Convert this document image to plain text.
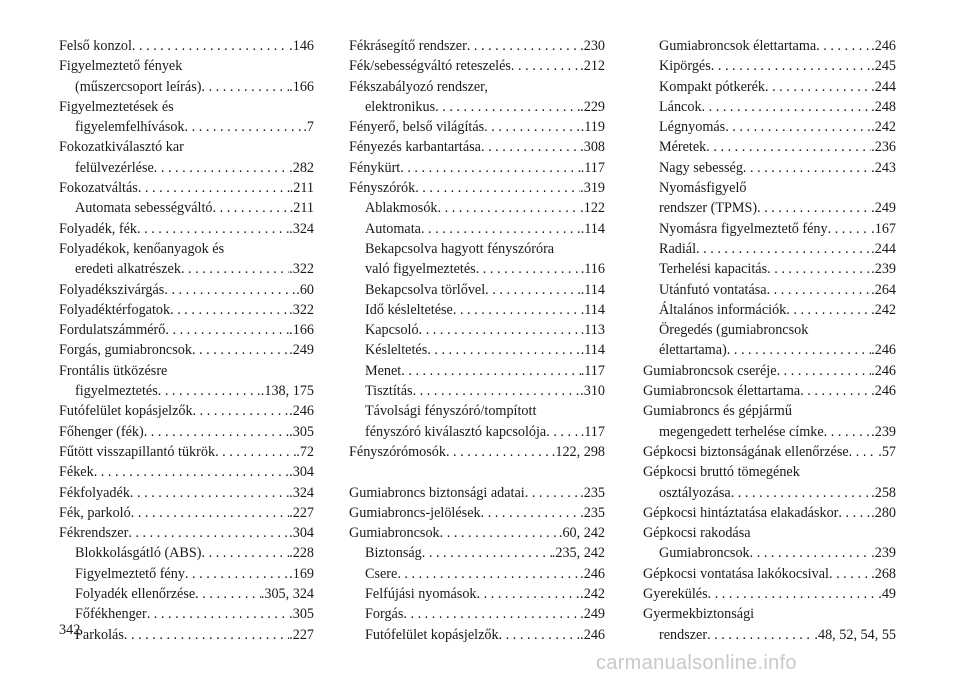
Felső konzol . . .	.146
Figyelmeztető fények
(műszercsoport leírás) . . .	.166
Figyelmeztetések és
figyelemfelhívások . . .	.7
Fokozatkiválasztó kar
felülvezérlése . . .	.282
Fokozatváltás . . .	.211
Automata sebességváltó . . .	.211
Folyadék, fék . . .	.324
Folyadékok, kenőanyagok és
eredeti alkatrészek . . .	.322
Folyadékszivárgás . . .	.60
Folyadéktérfogatok . . .	.322
Fordulatszámmérő . . .	.166
Forgás, gumiabroncsok . . .	.249
Frontális ütközésre
figyelmeztetés . . .	.138, 175
Futófelület kopásjelzők . . .	.246
Főhenger (fék) . . .	.305
Fűtött visszapillantó tükrök . . .	.72
Fékek . . .	.304
Fékfolyadék . . .	.324
Fék, parkoló . . .	.227
Fékrendszer . . .	.304
Blokkolásgátló (ABS) . . .	.228
Figyelmeztető fény . . .	.169
Folyadék ellenőrzése . . .	.305, 324
Főfékhenger . . .	.305
Parkolás . . .	.227
Fékrásegítő rendszer . . .	.230
Fék/sebességváltó reteszelés . . .	.212
Fékszabályozó rendszer,
elektronikus . . .	.229
Fényerő, belső világítás . . .	.119
Fényezés karbantartása . . .	.308
Fénykürt . . .	.117
Fényszórók . . .	.319
Ablakmosók . . .	.122
Automata . . .	.114
Bekapcsolva hagyott fényszóróra
való figyelmeztetés . . .	.116
Bekapcsolva törlővel . . .	.114
Idő késleltetése . . .	.114
Kapcsoló . . .	.113
Késleltetés . . .	.114
Menet . . .	.117
Tisztítás . . .	.310
Távolsági fényszóró/tompított
fényszóró kiválasztó kapcsolója . . . .117
Fényszórómosók . . .	.122, 298
Gumiabroncs biztonsági adatai . . .	.235
Gumiabroncs-jelölések . . .	.235
Gumiabroncsok . . .	.60, 242
Biztonság . . .	.235, 242
Csere . . .	.246
Felfújási nyomások . . .	.242
Forgás . . .	.249
Futófelület kopásjelzők . . .	.246
Gumiabroncsok élettartama . . .	.246
Kipörgés . . .	.245
Kompakt pótkerék . . .	.244
Láncok . . .	.248
Légnyomás . . .	.242
Méretek . . .	.236
Nagy sebesség . . .	.243
Nyomásfigyelő
rendszer (TPMS) . . .	.249
Nyomásra figyelmeztető fény . . .	.167
Radiál . . .	.244
Terhelési kapacitás . . .	.239
Utánfutó vontatása . . .	.264
Általános információk . . .	.242
Öregedés (gumiabroncsok
élettartama) . . .	.246
Gumiabroncsok cseréje . . .	.246
Gumiabroncsok élettartama . . .	.246
Gumiabroncs és gépjármű
megengedett terhelése címke . . .	.239
Gépkocsi biztonságának ellenőrzése . . . .57
Gépkocsi bruttó tömegének
osztályozása . . .	.258
Gépkocsi hintáztatása elakadáskor . . . .280
Gépkocsi rakodása
Gumiabroncsok . . .	.239
Gépkocsi vontatása lakókocsival . . .	.268
Gyerekülés . . .	.49
Gyermekbiztonsági
rendszer . . .	.48, 52, 54, 55
342
carmanualsonline.info
